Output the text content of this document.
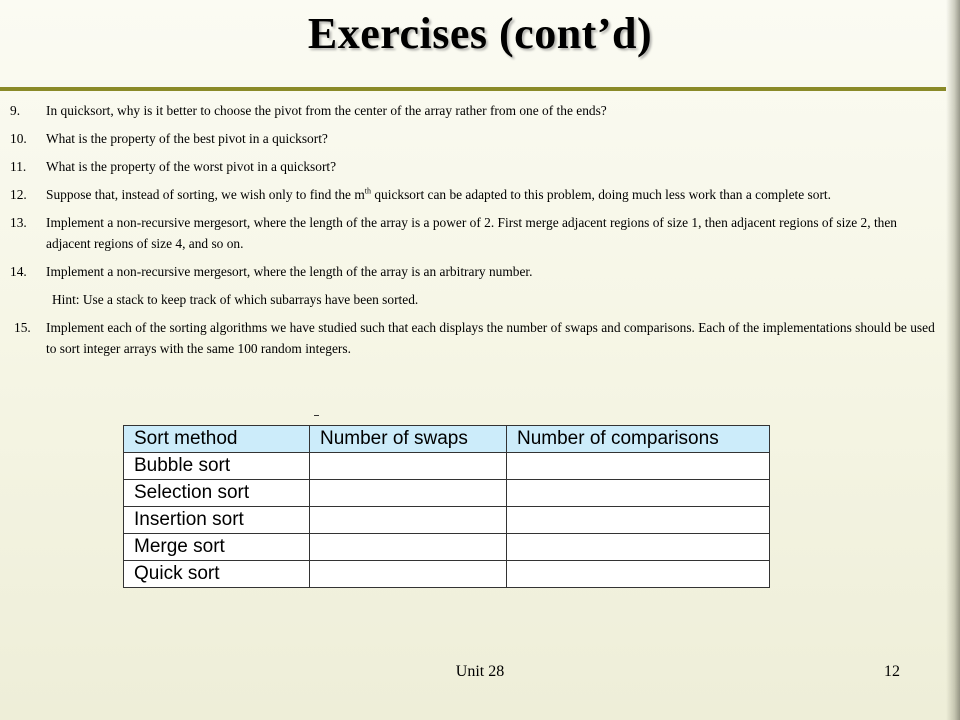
Exercises (cont’d)
9. In quicksort, why is it better to choose the pivot from the center of the array rather from one of the ends?
10. What is the property of the best pivot in a quicksort?
11. What is the property of the worst pivot in a quicksort?
12. Suppose that, instead of sorting, we wish only to find the $m^{th}$ quicksort can be adapted to this problem, doing much less work than a complete sort.
13. Implement a non-recursive mergesort, where the length of the array is a power of 2. First merge adjacent regions of size 1, then adjacent regions of size 2, then adjacent regions of size 4, and so on.
14. Implement a non-recursive mergesort, where the length of the array is an arbitrary number.
Hint: Use a stack to keep track of which subarrays have been sorted.
15. Implement each of the sorting algorithms we have studied such that each displays the number of swaps and comparisons. Each of the implementations should be used to sort integer arrays with the same 100 random integers.
Sort method	Number of swaps	Number of comparisons
Bubble sort		
Selection sort		
Insertion sort		
Merge sort		
Quick sort		
Unit 28	12
